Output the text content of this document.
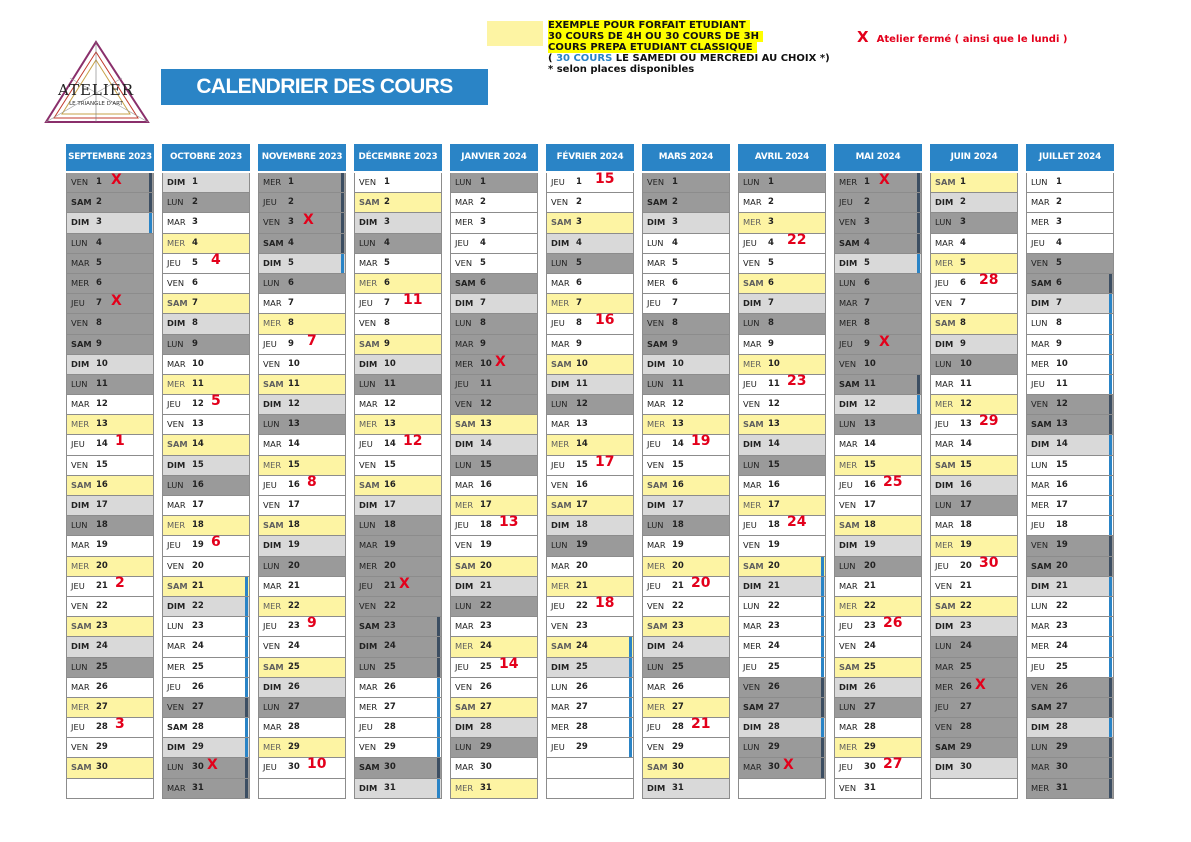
ATELIER
LE TRIANGLE D'ART
CALENDRIER DES COURS 2023/2024
EXEMPLE POUR FORFAIT ETUDIANT
30 COURS DE 4H OU 30 COURS DE 3H
COURS PREPA ETUDIANT CLASSIQUE
( 30 COURS LE SAMEDI OU MERCREDI AU CHOIX *)
* selon places disponibles
X Atelier fermé ( ainsi que le lundi )
SEPTEMBRE 2023
VEN 1 X
SAM 2
DIM 3
LUN 4
MAR 5
MER 6
JEU 7 X
VEN 8
SAM 9
DIM 10
LUN 11
MAR 12
MER 13
JEU 14 1
VEN 15
SAM 16
DIM 17
LUN 18
MAR 19
MER 20
JEU 21 2
VEN 22
SAM 23
DIM 24
LUN 25
MAR 26
MER 27
JEU 28 3
VEN 29
SAM 30
OCTOBRE 2023
DIM 1
LUN 2
MAR 3
MER 4
JEU 5 4
VEN 6
SAM 7
DIM 8
LUN 9
MAR 10
MER 11
JEU 12 5
VEN 13
SAM 14
DIM 15
LUN 16
MAR 17
MER 18
JEU 19 6
VEN 20
SAM 21
DIM 22
LUN 23
MAR 24
MER 25
JEU 26
VEN 27
SAM 28
DIM 29
LUN 30 X
MAR 31
NOVEMBRE 2023
MER 1
JEU 2
VEN 3 X
SAM 4
DIM 5
LUN 6
MAR 7
MER 8
JEU 9 7
VEN 10
SAM 11
DIM 12
LUN 13
MAR 14
MER 15
JEU 16 8
VEN 17
SAM 18
DIM 19
LUN 20
MAR 21
MER 22
JEU 23 9
VEN 24
SAM 25
DIM 26
LUN 27
MAR 28
MER 29
JEU 30 10
DÉCEMBRE 2023
VEN 1
SAM 2
DIM 3
LUN 4
MAR 5
MER 6
JEU 7 11
VEN 8
SAM 9
DIM 10
LUN 11
MAR 12
MER 13
JEU 14 12
VEN 15
SAM 16
DIM 17
LUN 18
MAR 19
MER 20
JEU 21 X
VEN 22
SAM 23
DIM 24
LUN 25
MAR 26
MER 27
JEU 28
VEN 29
SAM 30
DIM 31
JANVIER 2024
LUN 1
MAR 2
MER 3
JEU 4
VEN 5
SAM 6
DIM 7
LUN 8
MAR 9
MER 10 X
JEU 11
VEN 12
SAM 13
DIM 14
LUN 15
MAR 16
MER 17
JEU 18 13
VEN 19
SAM 20
DIM 21
LUN 22
MAR 23
MER 24
JEU 25 14
VEN 26
SAM 27
DIM 28
LUN 29
MAR 30
MER 31
FÉVRIER 2024
JEU 1 15
VEN 2
SAM 3
DIM 4
LUN 5
MAR 6
MER 7
JEU 8 16
MAR 9
SAM 10
DIM 11
LUN 12
MAR 13
MER 14
JEU 15 17
VEN 16
SAM 17
DIM 18
LUN 19
MAR 20
MER 21
JEU 22 18
VEN 23
SAM 24
DIM 25
LUN 26
MAR 27
MER 28
JEU 29
MARS 2024
VEN 1
SAM 2
DIM 3
LUN 4
MAR 5
MER 6
JEU 7
VEN 8
SAM 9
DIM 10
LUN 11
MAR 12
MER 13
JEU 14 19
VEN 15
SAM 16
DIM 17
LUN 18
MAR 19
MER 20
JEU 21 20
VEN 22
SAM 23
DIM 24
LUN 25
MAR 26
MER 27
JEU 28 21
VEN 29
SAM 30
DIM 31
AVRIL 2024
LUN 1
MAR 2
MER 3
JEU 4 22
VEN 5
SAM 6
DIM 7
LUN 8
MAR 9
MER 10
JEU 11 23
VEN 12
SAM 13
DIM 14
LUN 15
MAR 16
MER 17
JEU 18 24
VEN 19
SAM 20
DIM 21
LUN 22
MAR 23
MER 24
JEU 25
VEN 26
SAM 27
DIM 28
LUN 29
MAR 30 X
MAI 2024
MER 1 X
JEU 2
VEN 3
SAM 4
DIM 5
LUN 6
MAR 7
MER 8
JEU 9 X
VEN 10
SAM 11
DIM 12
LUN 13
MAR 14
MER 15
JEU 16 25
VEN 17
SAM 18
DIM 19
LUN 20
MAR 21
MER 22
JEU 23 26
VEN 24
SAM 25
DIM 26
LUN 27
MAR 28
MER 29
JEU 30 27
VEN 31
JUIN 2024
SAM 1
DIM 2
LUN 3
MAR 4
MER 5
JEU 6 28
VEN 7
SAM 8
DIM 9
LUN 10
MAR 11
MER 12
JEU 13 29
MAR 14
SAM 15
DIM 16
LUN 17
MAR 18
MER 19
JEU 20 30
VEN 21
SAM 22
DIM 23
LUN 24
MAR 25
MER 26 X
JEU 27
VEN 28
SAM 29
DIM 30
JUILLET 2024
LUN 1
MAR 2
MER 3
JEU 4
VEN 5
SAM 6
DIM 7
LUN 8
MAR 9
MER 10
JEU 11
VEN 12
SAM 13
DIM 14
LUN 15
MAR 16
MER 17
JEU 18
VEN 19
SAM 20
DIM 21
LUN 22
MAR 23
MER 24
JEU 25
VEN 26
SAM 27
DIM 28
LUN 29
MAR 30
MER 31
